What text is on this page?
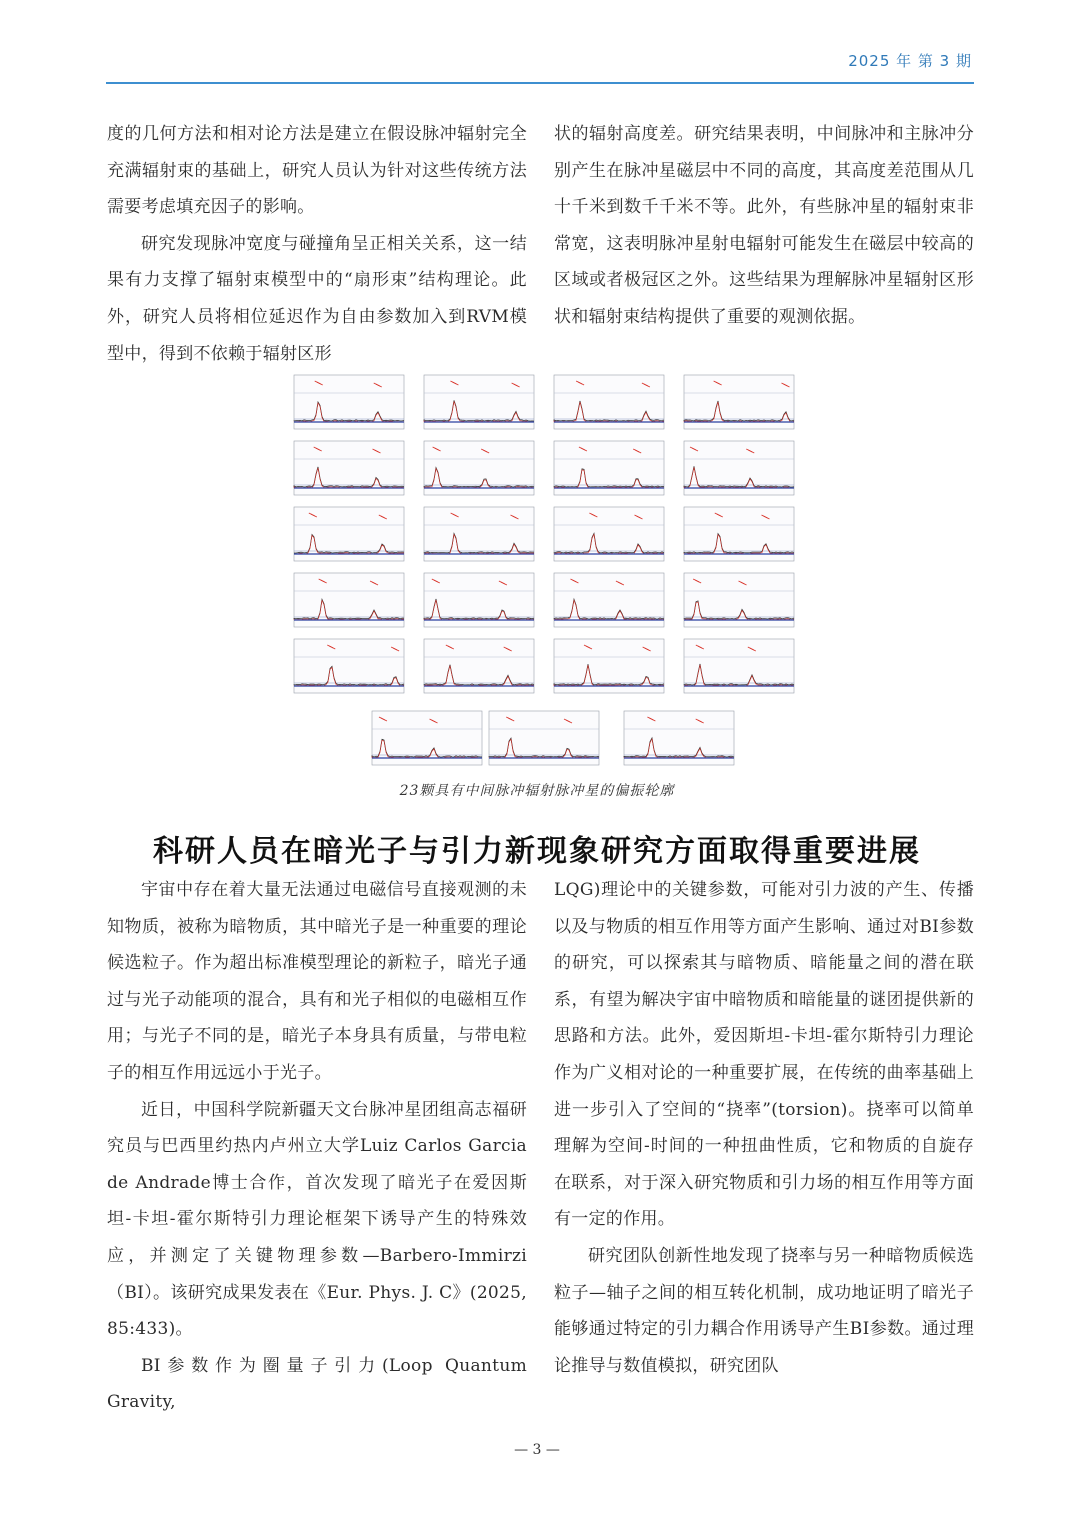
2025 年 第 3 期

度的几何方法和相对论方法是建立在假设脉冲辐射完全充满辐射束的基础上，研究人员认为针对这些传统方法需要考虑填充因子的影响。

研究发现脉冲宽度与碰撞角呈正相关关系，这一结果有力支撑了辐射束模型中的“扇形束”结构理论。此外，研究人员将相位延迟作为自由参数加入到RVM模型中，得到不依赖于辐射区形

状的辐射高度差。研究结果表明，中间脉冲和主脉冲分别产生在脉冲星磁层中不同的高度，其高度差范围从几十千米到数千千米不等。此外，有些脉冲星的辐射束非常宽，这表明脉冲星射电辐射可能发生在磁层中较高的区域或者极冠区之外。这些结果为理解脉冲星辐射区形状和辐射束结构提供了重要的观测依据。

23颗具有中间脉冲辐射脉冲星的偏振轮廓
科研人员在暗光子与引力新现象研究方面取得重要进展

宇宙中存在着大量无法通过电磁信号直接观测的未知物质，被称为暗物质，其中暗光子是一种重要的理论候选粒子。作为超出标准模型理论的新粒子，暗光子通过与光子动能项的混合，具有和光子相似的电磁相互作用；与光子不同的是，暗光子本身具有质量，与带电粒子的相互作用远远小于光子。

近日，中国科学院新疆天文台脉冲星团组高志福研究员与巴西里约热内卢州立大学Luiz Carlos Garcia de Andrade博士合作，首次发现了暗光子在爱因斯坦-卡坦-霍尔斯特引力理论框架下诱导产生的特殊效应，并测定了关键物理参数—Barbero-Immirzi（BI）。该研究成果发表在《Eur. Phys. J. C》(2025, 85:433)。

BI参数作为圈量子引力(Loop Quantum Gravity,

LQG)理论中的关键参数，可能对引力波的产生、传播以及与物质的相互作用等方面产生影响、通过对BI参数的研究，可以探索其与暗物质、暗能量之间的潜在联系，有望为解决宇宙中暗物质和暗能量的谜团提供新的思路和方法。此外，爱因斯坦-卡坦-霍尔斯特引力理论作为广义相对论的一种重要扩展，在传统的曲率基础上进一步引入了空间的“挠率”(torsion)。挠率可以简单理解为空间-时间的一种扭曲性质，它和物质的自旋存在联系，对于深入研究物质和引力场的相互作用等方面有一定的作用。

研究团队创新性地发现了挠率与另一种暗物质候选粒子—轴子之间的相互转化机制，成功地证明了暗光子能够通过特定的引力耦合作用诱导产生BI参数。通过理论推导与数值模拟，研究团队

— 3 —
